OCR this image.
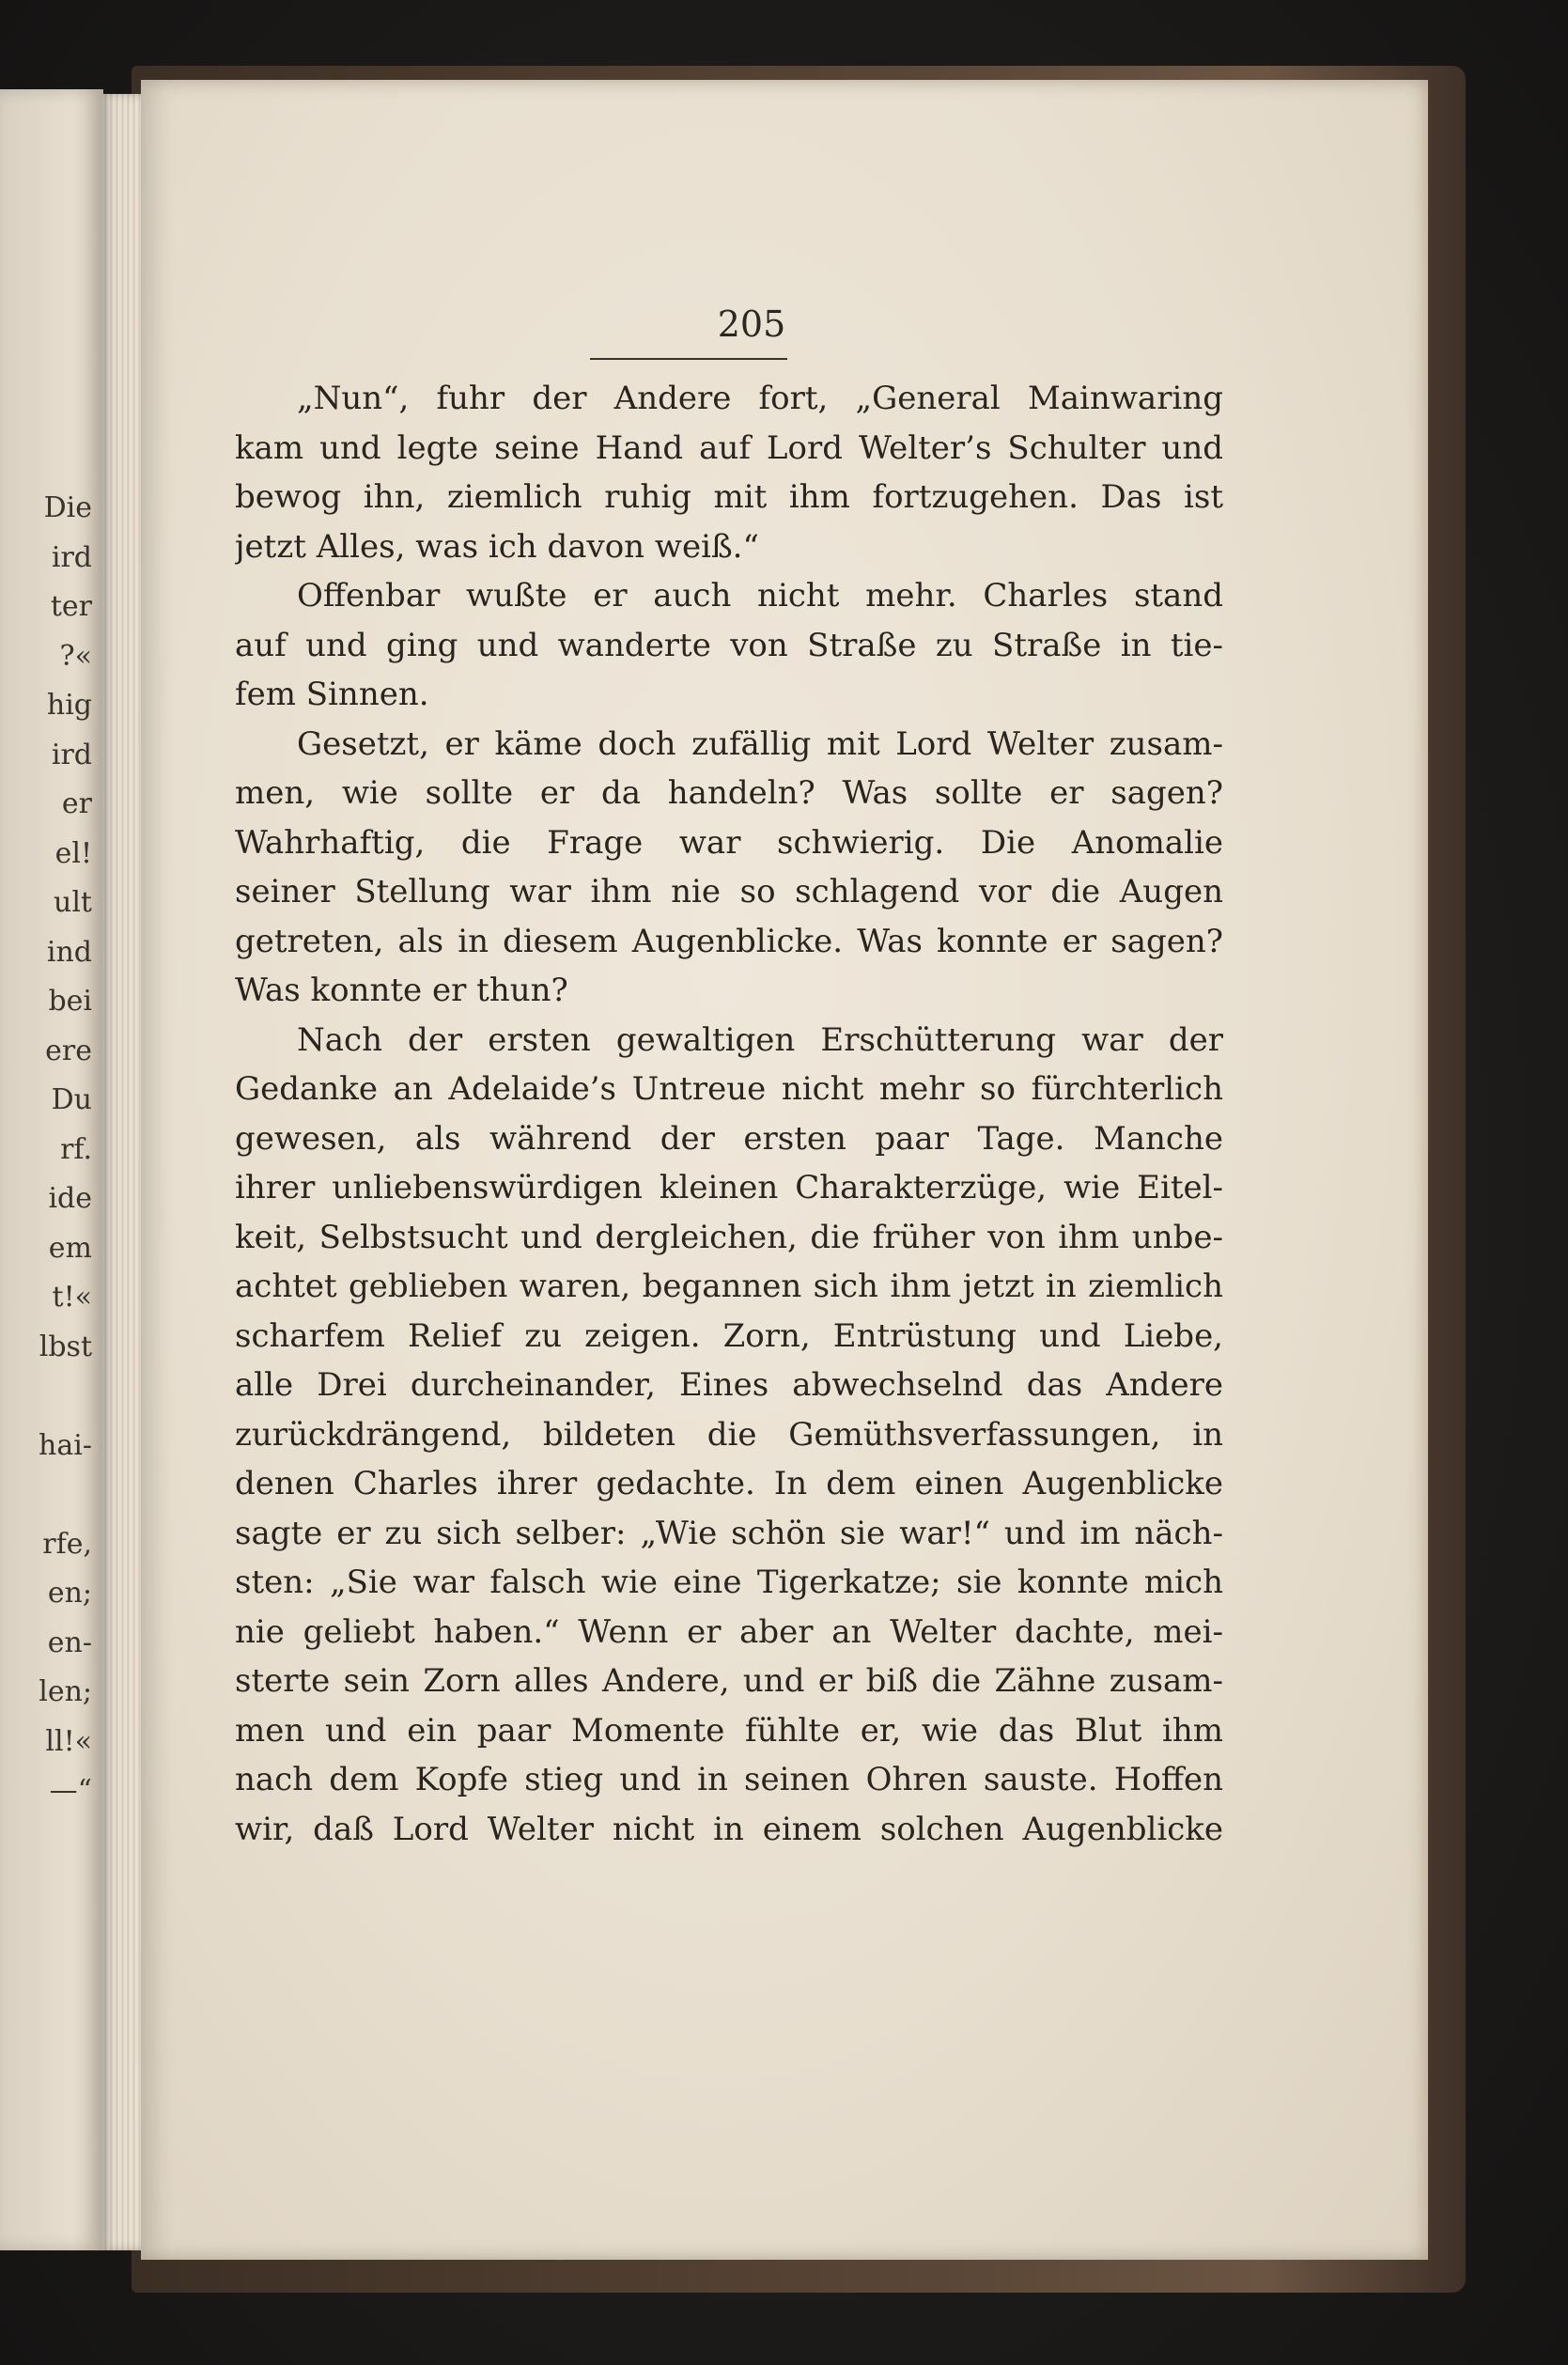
Die
ird
ter
?«
hig
ird
er
el!
ult
ind
bei
ere
Du
rf.
ide
em
t!«
lbst
hai-
rfe,
en;
en-
len;
ll!«
—“

205

„Nun“, fuhr der Andere fort, „General Mainwaring
kam und legte seine Hand auf Lord Welter’s Schulter und
bewog ihn, ziemlich ruhig mit ihm fortzugehen. Das ist
jetzt Alles, was ich davon weiß.“
Offenbar wußte er auch nicht mehr. Charles stand
auf und ging und wanderte von Straße zu Straße in tie-
fem Sinnen.
Gesetzt, er käme doch zufällig mit Lord Welter zusam-
men, wie sollte er da handeln? Was sollte er sagen?
Wahrhaftig, die Frage war schwierig. Die Anomalie
seiner Stellung war ihm nie so schlagend vor die Augen
getreten, als in diesem Augenblicke. Was konnte er sagen?
Was konnte er thun?
Nach der ersten gewaltigen Erschütterung war der
Gedanke an Adelaide’s Untreue nicht mehr so fürchterlich
gewesen, als während der ersten paar Tage. Manche
ihrer unliebenswürdigen kleinen Charakterzüge, wie Eitel-
keit, Selbstsucht und dergleichen, die früher von ihm unbe-
achtet geblieben waren, begannen sich ihm jetzt in ziemlich
scharfem Relief zu zeigen. Zorn, Entrüstung und Liebe,
alle Drei durcheinander, Eines abwechselnd das Andere
zurückdrängend, bildeten die Gemüthsverfassungen, in
denen Charles ihrer gedachte. In dem einen Augenblicke
sagte er zu sich selber: „Wie schön sie war!“ und im näch-
sten: „Sie war falsch wie eine Tigerkatze; sie konnte mich
nie geliebt haben.“ Wenn er aber an Welter dachte, mei-
sterte sein Zorn alles Andere, und er biß die Zähne zusam-
men und ein paar Momente fühlte er, wie das Blut ihm
nach dem Kopfe stieg und in seinen Ohren sauste. Hoffen
wir, daß Lord Welter nicht in einem solchen Augenblicke
